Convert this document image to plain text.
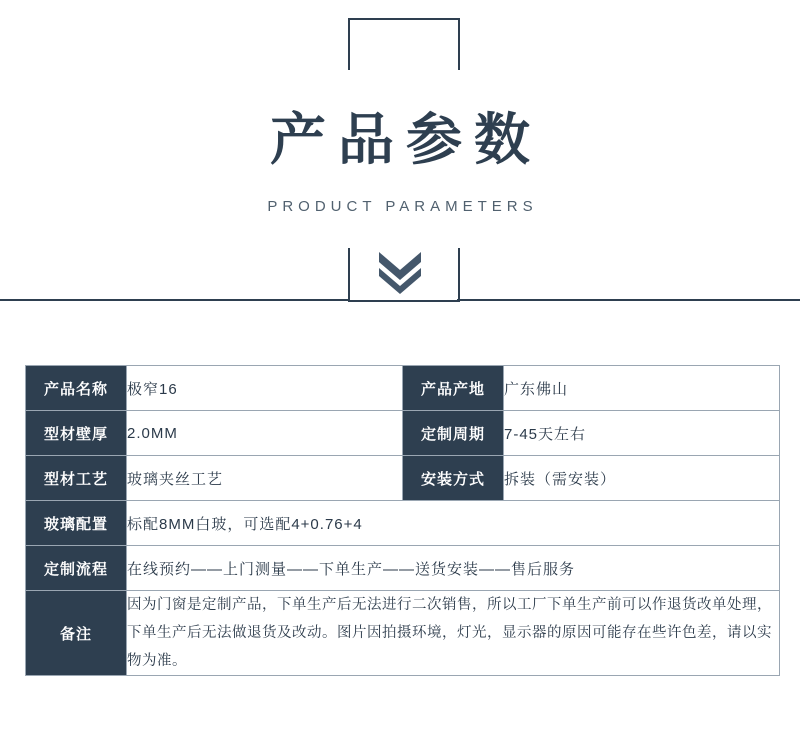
产品参数
PRODUCT PARAMETERS
产品名称	极窄16	产品产地	广东佛山
型材壁厚	2.0MM	定制周期	7-45天左右
型材工艺	玻璃夹丝工艺	安装方式	拆装（需安装）
玻璃配置	标配8MM白玻，可选配4+0.76+4		
定制流程	在线预约——上门测量——下单生产——送货安装——售后服务		
备注	因为门窗是定制产品，下单生产后无法进行二次销售，所以工厂下单生产前可以作退货改单处理，下单生产后无法做退货及改动。图片因拍摄环境，灯光，显示器的原因可能存在些许色差，请以实物为准。		
